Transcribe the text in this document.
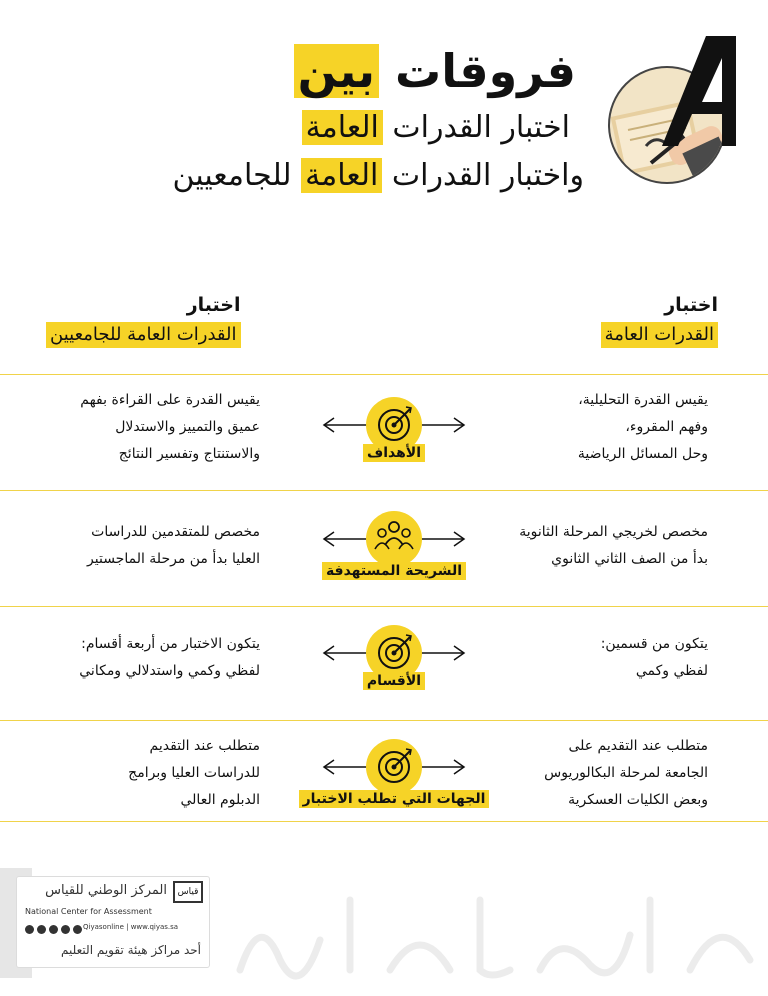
فروقات بين
اختبار القدرات العامة
واختبار القدرات العامة للجامعيين
اختبار
القدرات العامة
اختبار
القدرات العامة للجامعيين
يقيس القدرة التحليلية،
وفهم المقروء،
وحل المسائل الرياضية
الأهداف
يقيس القدرة على القراءة بفهم
عميق والتمييز والاستدلال
والاستنتاج وتفسير النتائج
مخصص لخريجي المرحلة الثانوية
بدأ من الصف الثاني الثانوي
الشريحة المستهدفة
مخصص للمتقدمين للدراسات
العليا بدأ من مرحلة الماجستير
يتكون من قسمين:
لفظي وكمي
الأقسام
يتكون الاختبار من أربعة أقسام:
لفظي وكمي واستدلالي ومكاني
متطلب عند التقديم على
الجامعة لمرحلة البكالوريوس
وبعض الكليات العسكرية
الجهات التي تطلب الاختبار
متطلب عند التقديم
للدراسات العليا وبرامج
الدبلوم العالي
قياس
المركز الوطني للقياس
National Center for Assessment
Qiyasonline | www.qiyas.sa
أحد مراكز هيئة تقويم التعليم
